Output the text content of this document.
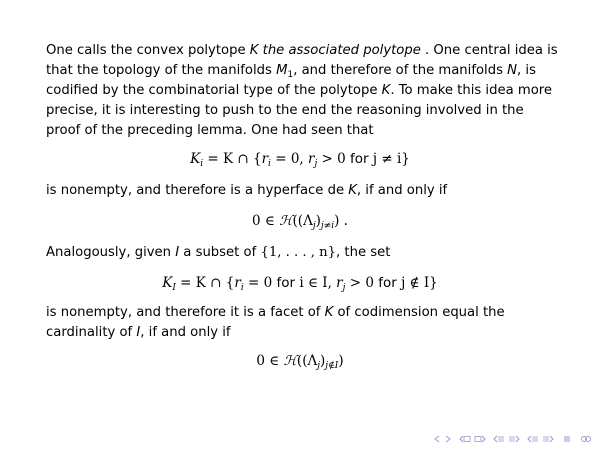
One calls the convex polytope K the associated polytope . One central idea is that the topology of the manifolds $M_1$, and therefore of the manifolds N, is codified by the combinatorial type of the polytope K. To make this idea more precise, it is interesting to push to the end the reasoning involved in the proof of the preceding lemma. One had seen that

$K_i = K$ ∩ {$r_i = 0$, $r_j > 0$ for j ≠ i}

is nonempty, and therefore is a hyperface de K, if and only if

0 ∈ $ℋ((\Lambda_j)_{j\ne i})$ .

Analogously, given I a subset of {1, . . . , n}, the set

$K_I = K$ ∩ {$r_i = 0$ for i ∈ I, $r_j > 0$ for j ∉ I}

is nonempty, and therefore it is a facet of K of codimension equal the cardinality of I, if and only if

0 ∈ $ℋ((\Lambda_j)_{j\notin I})$
